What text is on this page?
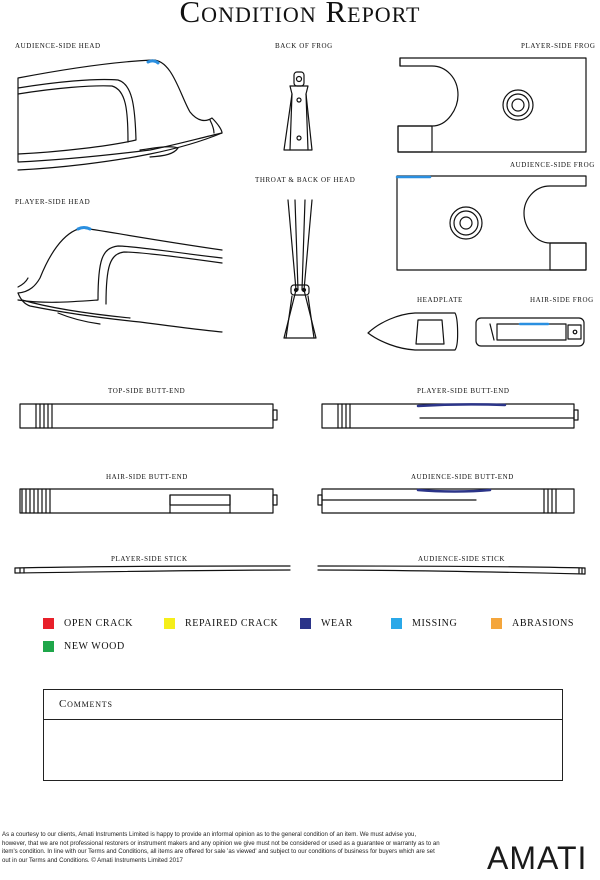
Condition Report
AUDIENCE-SIDE HEAD	BACK OF FROG	PLAYER-SIDE FROG
AUDIENCE-SIDE FROG
THROAT & BACK OF HEAD
PLAYER-SIDE HEAD
HEADPLATE	HAIR-SIDE FROG
TOP-SIDE BUTT-END	PLAYER-SIDE BUTT-END
HAIR-SIDE BUTT-END	AUDIENCE-SIDE BUTT-END
PLAYER-SIDE STICK	AUDIENCE-SIDE STICK
OPEN CRACK	REPAIRED CRACK	WEAR	MISSING	ABRASIONS
NEW WOOD
Comments
As a courtesy to our clients, Amati Instruments Limited is happy to provide an informal opinion as to the general condition of an item. We must advise you, however, that we are not professional restorers or instrument makers and any opinion we give must not be considered or used as a guarantee or warranty as to an item's condition. In line with our Terms and Conditions, all items are offered for sale 'as viewed' and subject to our conditions of business for buyers which are set out in our Terms and Conditions. © Amati Instruments Limited 2017	AMATI
